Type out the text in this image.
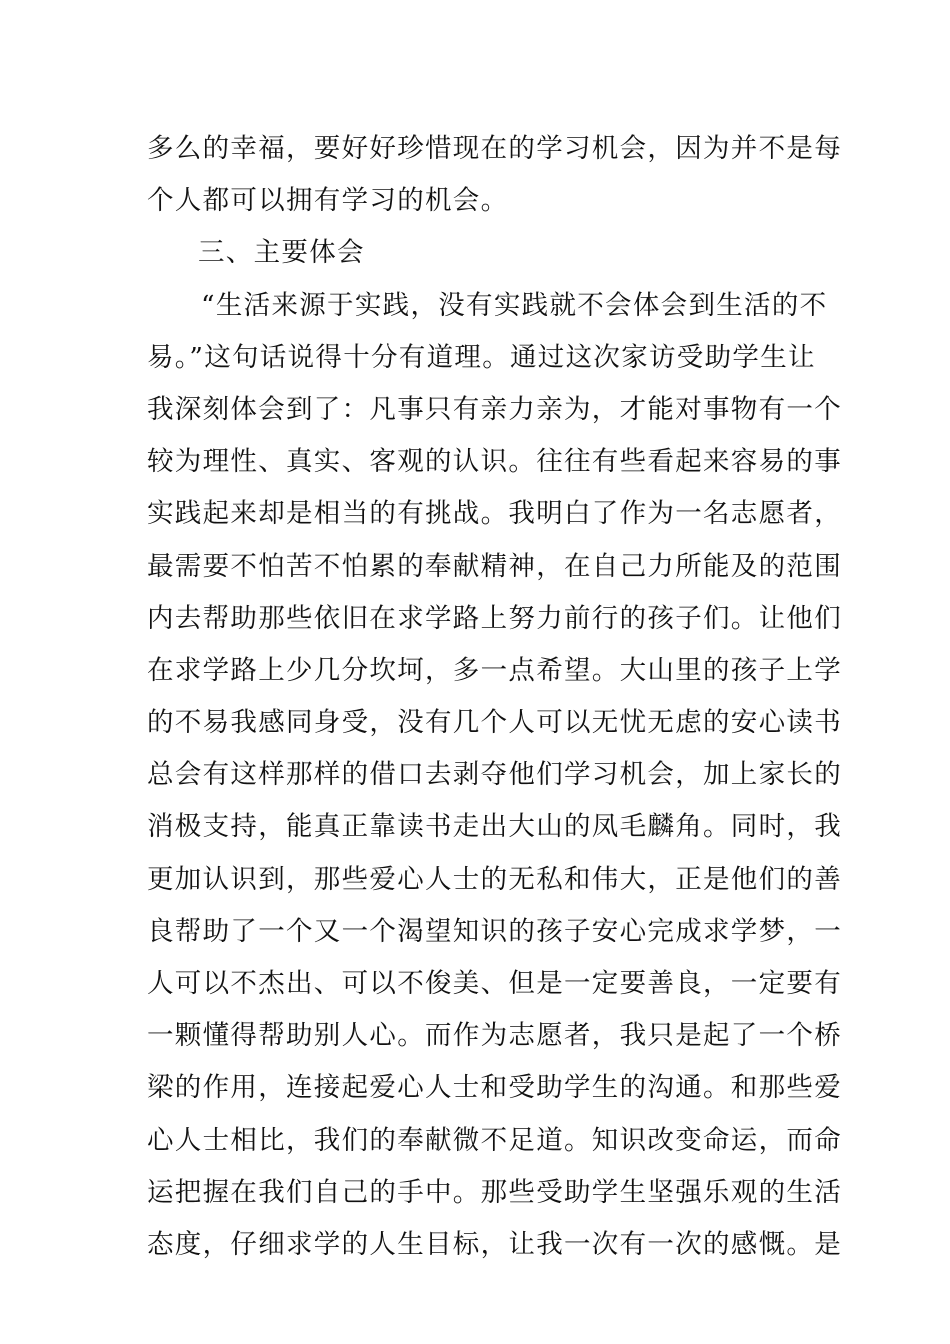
多么的幸福，要好好珍惜现在的学习机会，因为并不是每
个人都可以拥有学习的机会。
三、主要体会
“生活来源于实践，没有实践就不会体会到生活的不
易。”这句话说得十分有道理。通过这次家访受助学生让
我深刻体会到了：凡事只有亲力亲为，才能对事物有一个
较为理性、真实、客观的认识。往往有些看起来容易的事
实践起来却是相当的有挑战。我明白了作为一名志愿者，
最需要不怕苦不怕累的奉献精神，在自己力所能及的范围
内去帮助那些依旧在求学路上努力前行的孩子们。让他们
在求学路上少几分坎坷，多一点希望。大山里的孩子上学
的不易我感同身受，没有几个人可以无忧无虑的安心读书
总会有这样那样的借口去剥夺他们学习机会，加上家长的
消极支持，能真正靠读书走出大山的凤毛麟角。同时，我
更加认识到，那些爱心人士的无私和伟大，正是他们的善
良帮助了一个又一个渴望知识的孩子安心完成求学梦，一
人可以不杰出、可以不俊美、但是一定要善良，一定要有
一颗懂得帮助别人心。而作为志愿者，我只是起了一个桥
梁的作用，连接起爱心人士和受助学生的沟通。和那些爱
心人士相比，我们的奉献微不足道。知识改变命运，而命
运把握在我们自己的手中。那些受助学生坚强乐观的生活
态度，仔细求学的人生目标，让我一次有一次的感慨。是
